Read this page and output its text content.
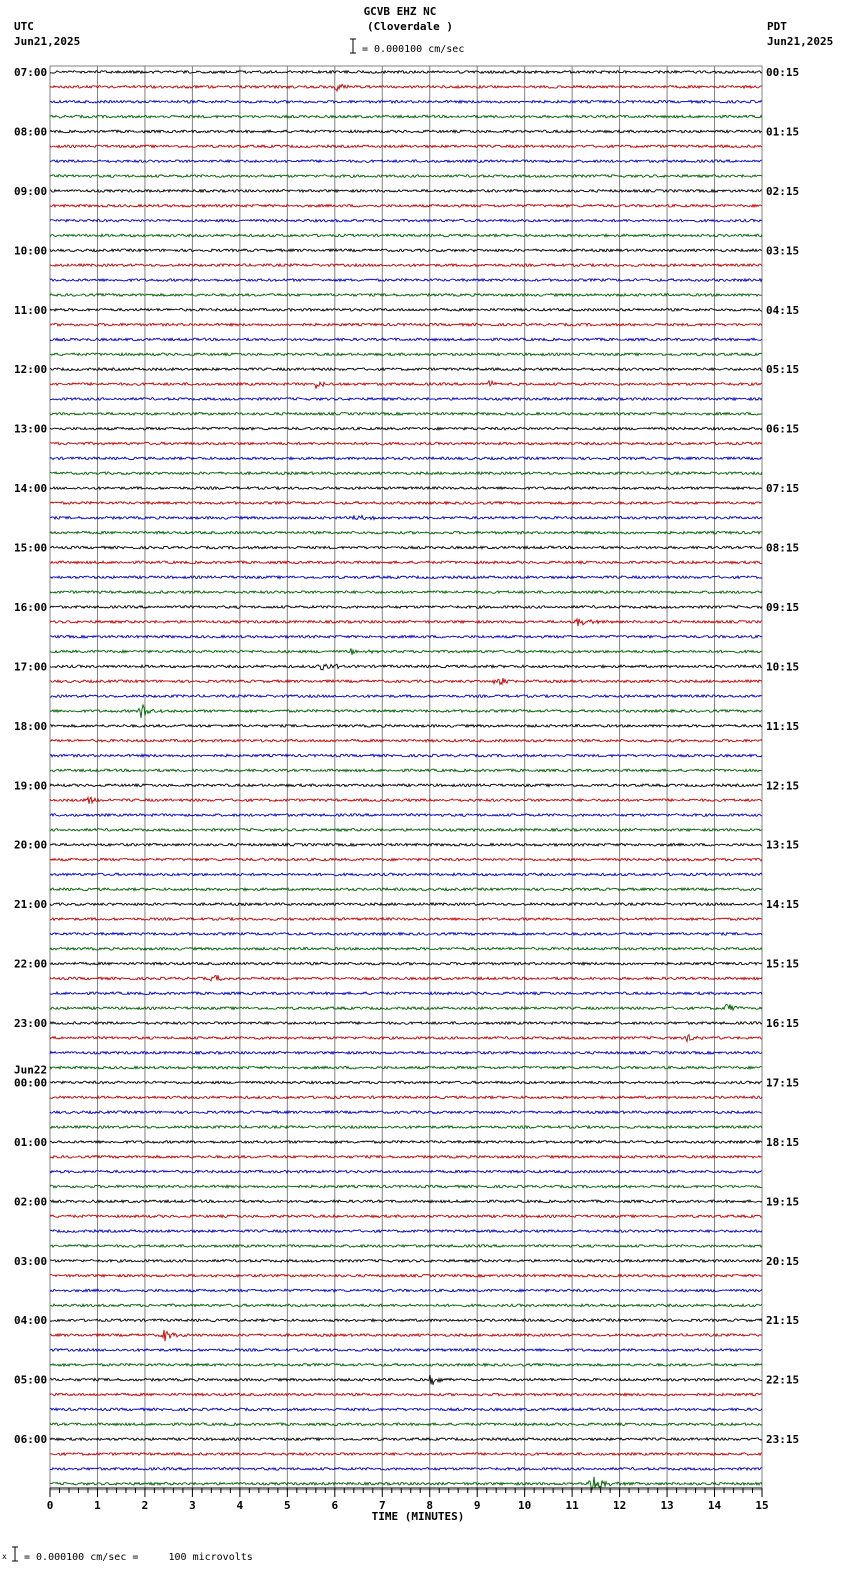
GCVB EHZ NC
(Cloverdale )
UTC
Jun21,2025
PDT
Jun21,2025
= 0.000100 cm/sec
07:00
08:00
09:00
10:00
11:00
12:00
13:00
14:00
15:00
16:00
17:00
18:00
19:00
20:00
21:00
22:00
23:00
00:00
Jun22
01:00
02:00
03:00
04:00
05:00
06:00
00:15
01:15
02:15
03:15
04:15
05:15
06:15
07:15
08:15
09:15
10:15
11:15
12:15
13:15
14:15
15:15
16:15
17:15
18:15
19:15
20:15
21:15
22:15
23:15
0	1	2	3	4	5	6	7	8	9	10	11	12	13	14	15
TIME (MINUTES)
x = 0.000100 cm/sec =     100 microvolts
